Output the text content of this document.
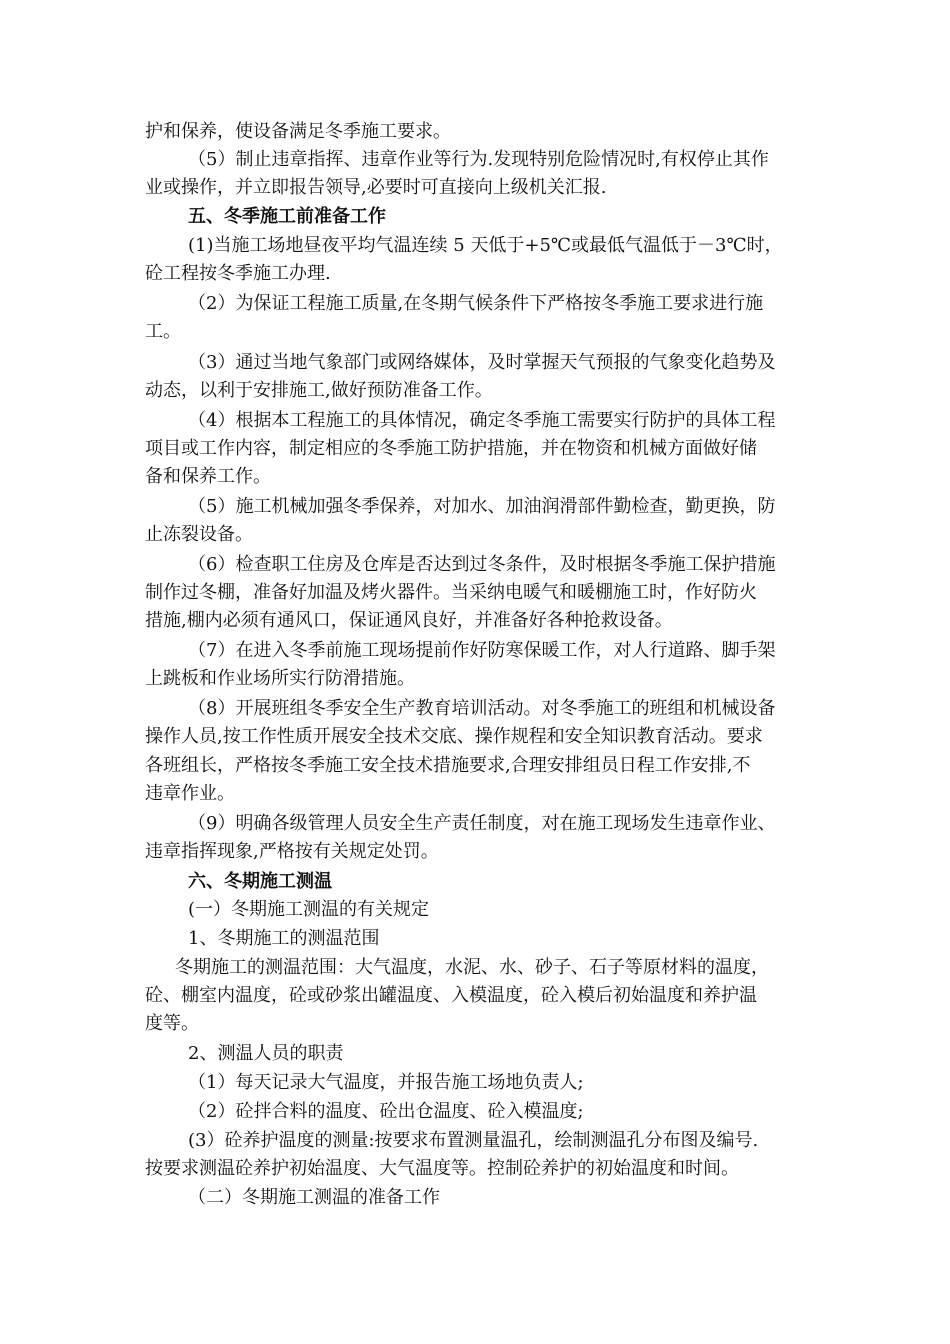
护和保养，使设备满足冬季施工要求。
（5）制止违章指挥、违章作业等行为.发现特别危险情况时,有权停止其作
业或操作，并立即报告领导,必要时可直接向上级机关汇报.
五、冬季施工前准备工作
(1)当施工场地昼夜平均气温连续 5 天低于+5℃或最低气温低于－3℃时，
砼工程按冬季施工办理.
（2）为保证工程施工质量,在冬期气候条件下严格按冬季施工要求进行施
工。
（3）通过当地气象部门或网络媒体，及时掌握天气预报的气象变化趋势及
动态，以利于安排施工,做好预防准备工作。
（4）根据本工程施工的具体情况，确定冬季施工需要实行防护的具体工程
项目或工作内容，制定相应的冬季施工防护措施，并在物资和机械方面做好储
备和保养工作。
（5）施工机械加强冬季保养，对加水、加油润滑部件勤检查，勤更换，防
止冻裂设备。
（6）检查职工住房及仓库是否达到过冬条件，及时根据冬季施工保护措施
制作过冬棚，准备好加温及烤火器件。当采纳电暖气和暖棚施工时，作好防火
措施,棚内必须有通风口，保证通风良好，并准备好各种抢救设备。
（7）在进入冬季前施工现场提前作好防寒保暖工作，对人行道路、脚手架
上跳板和作业场所实行防滑措施。
（8）开展班组冬季安全生产教育培训活动。对冬季施工的班组和机械设备
操作人员,按工作性质开展安全技术交底、操作规程和安全知识教育活动。要求
各班组长，严格按冬季施工安全技术措施要求,合理安排组员日程工作安排,不
违章作业。
（9）明确各级管理人员安全生产责任制度，对在施工现场发生违章作业、
违章指挥现象,严格按有关规定处罚。
六、冬期施工测温
(一）冬期施工测温的有关规定
1、冬期施工的测温范围
冬期施工的测温范围：大气温度，水泥、水、砂子、石子等原材料的温度，
砼、棚室内温度，砼或砂浆出罐温度、入模温度，砼入模后初始温度和养护温
度等。
2、测温人员的职责
（1）每天记录大气温度，并报告施工场地负责人;
（2）砼拌合料的温度、砼出仓温度、砼入模温度;
(3）砼养护温度的测量:按要求布置测量温孔，绘制测温孔分布图及编号.
按要求测温砼养护初始温度、大气温度等。控制砼养护的初始温度和时间。
（二）冬期施工测温的准备工作
